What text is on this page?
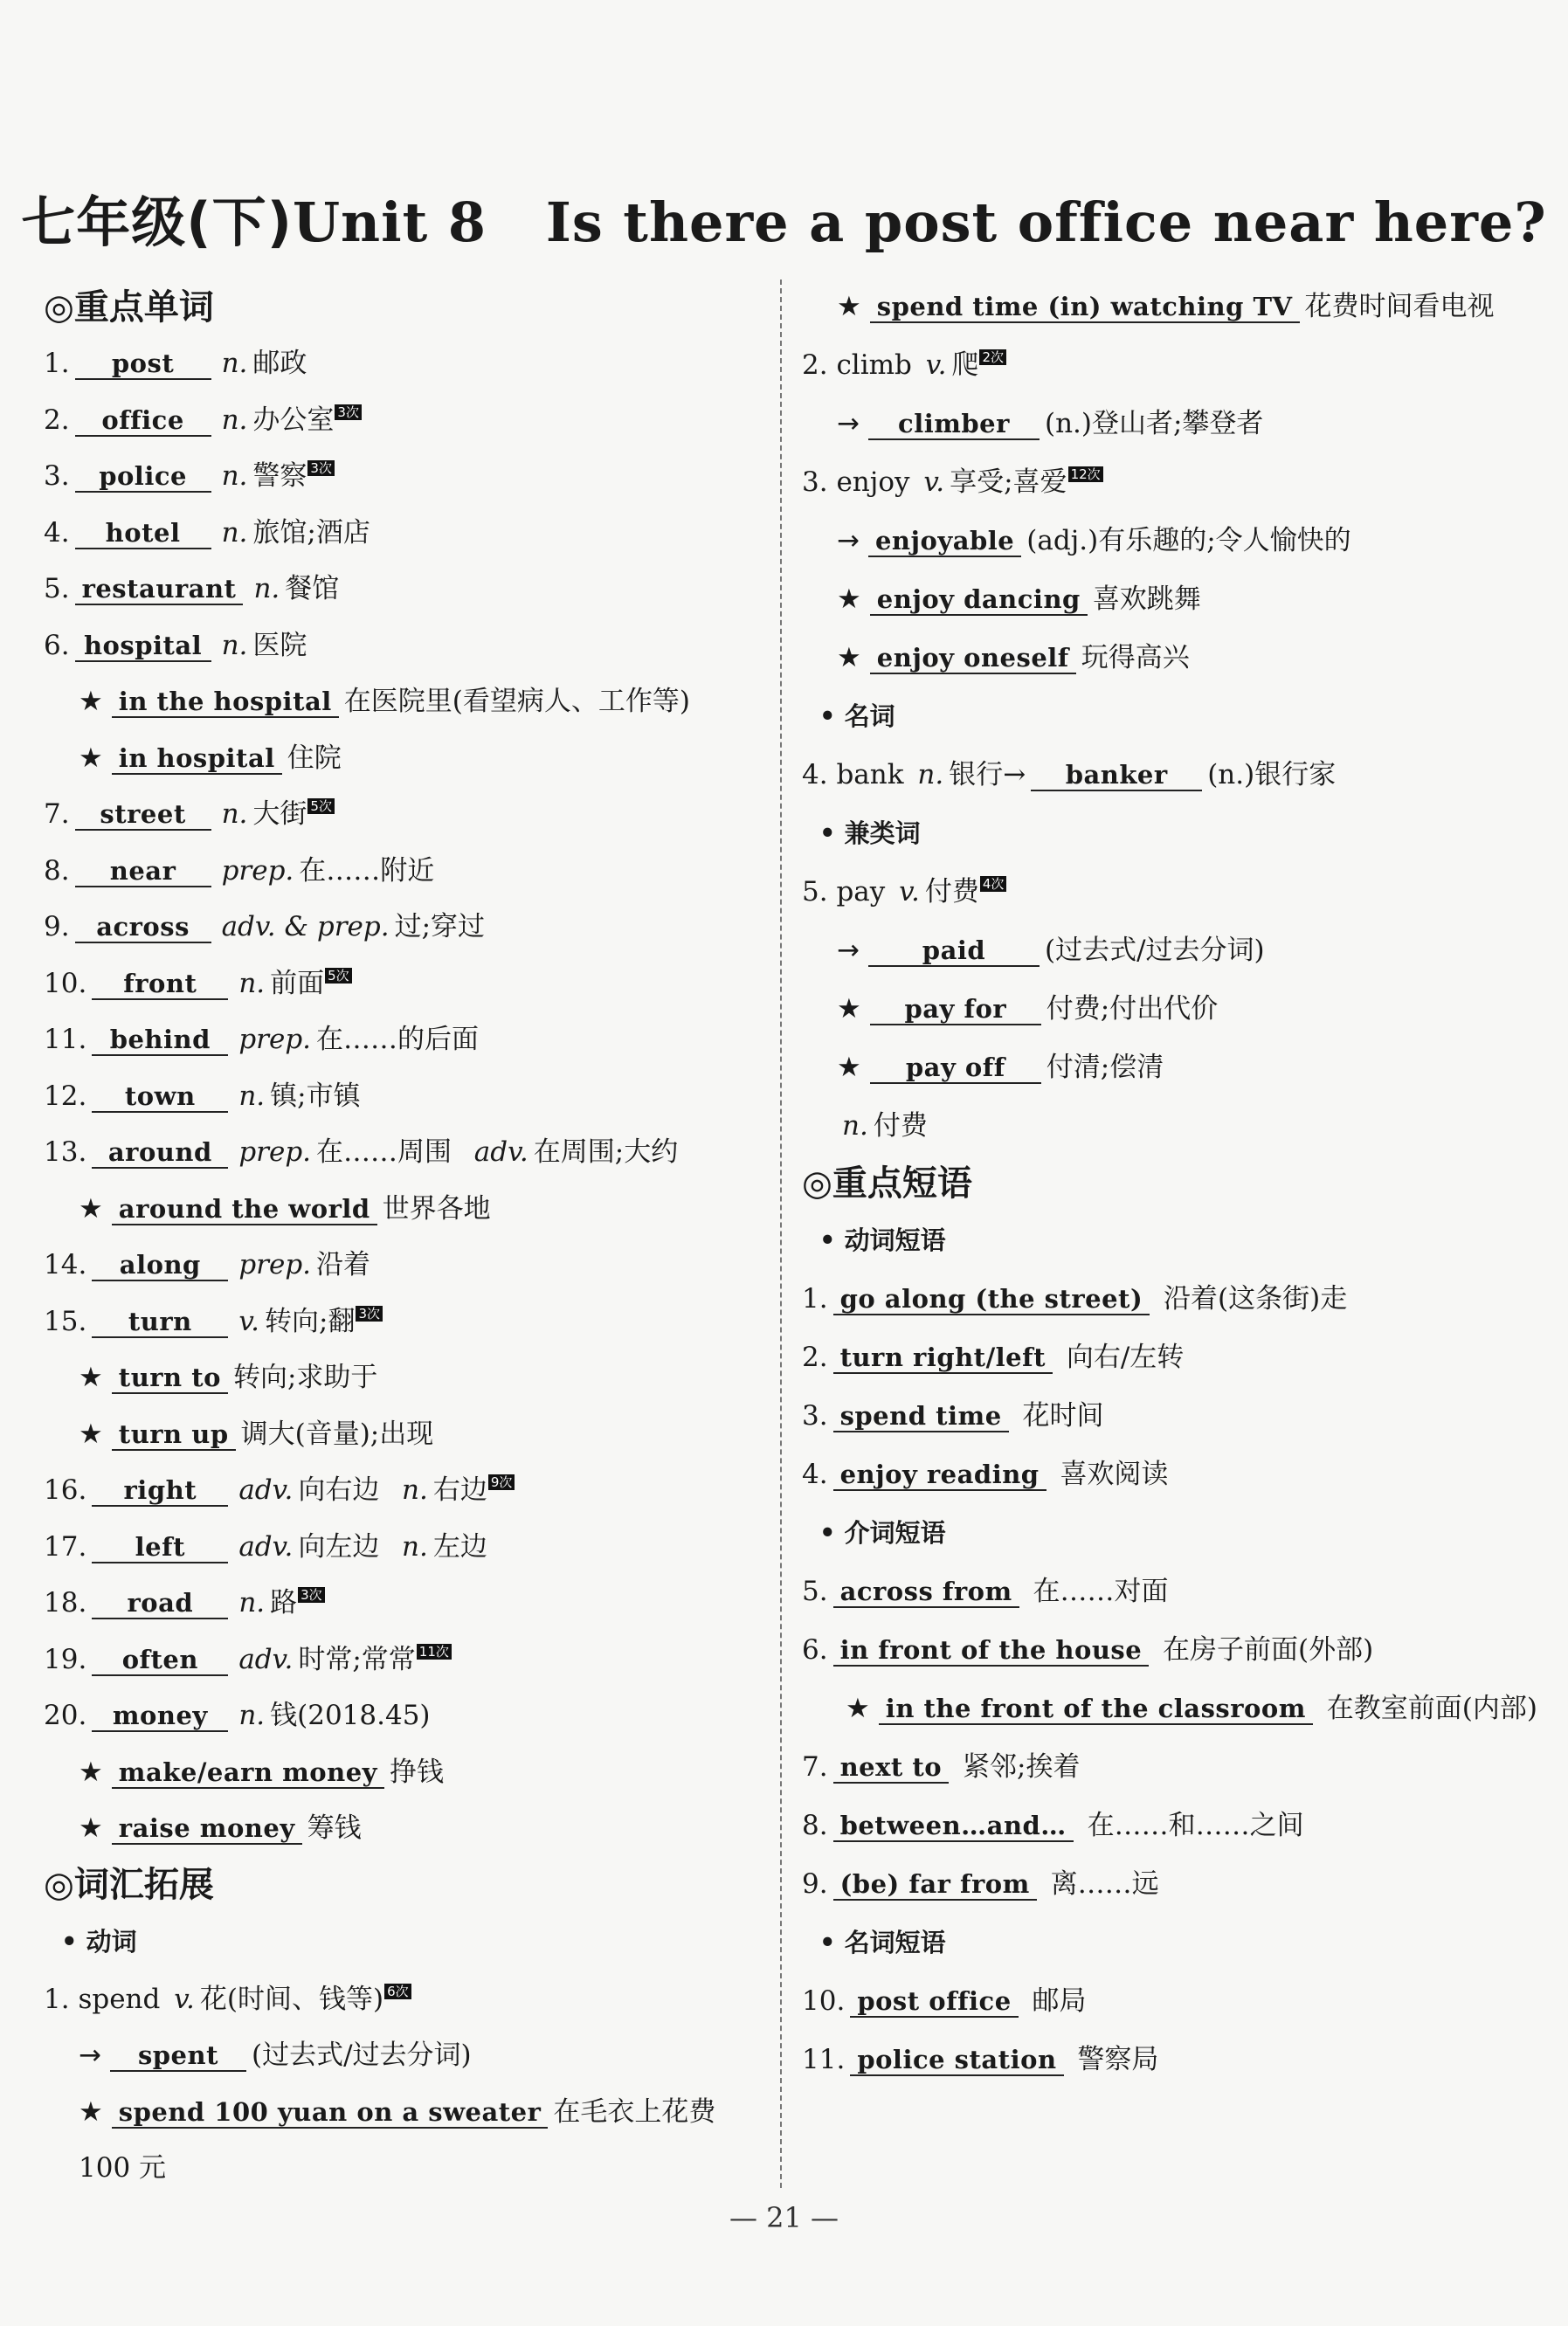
七年级(下)Unit 8 Is there a post office near here?
◎重点单词
1. post n. 邮政
2. office n. 办公室 3次
3. police n. 警察 3次
4. hotel n. 旅馆;酒店
5. restaurant n. 餐馆
6. hospital n. 医院
★ in the hospital 在医院里(看望病人、工作等)
★ in hospital 住院
7. street n. 大街 5次
8. near prep. 在……附近
9. across adv. & prep. 过;穿过
10. front n. 前面 5次
11. behind prep. 在……的后面
12. town n. 镇;市镇
13. around prep. 在……周围 adv. 在周围;大约
★ around the world 世界各地
14. along prep. 沿着
15. turn v. 转向;翻 3次
★ turn to 转向;求助于
★ turn up 调大(音量);出现
16. right adv. 向右边 n. 右边 9次
17. left adv. 向左边 n. 左边
18. road n. 路 3次
19. often adv. 时常;常常 11次
20. money n. 钱(2018.45)
★ make/earn money 挣钱
★ raise money 筹钱
◎词汇拓展
• 动词
1. spend v. 花(时间、钱等) 6次
→ spent (过去式/过去分词)
★ spend 100 yuan on a sweater 在毛衣上花费
100 元
★ spend time (in) watching TV 花费时间看电视
2. climb v. 爬 2次
→ climber (n.)登山者;攀登者
3. enjoy v. 享受;喜爱 12次
→ enjoyable (adj.)有乐趣的;令人愉快的
★ enjoy dancing 喜欢跳舞
★ enjoy oneself 玩得高兴
• 名词
4. bank n. 银行→ banker (n.)银行家
• 兼类词
5. pay v. 付费 4次
→ paid (过去式/过去分词)
★ pay for 付费;付出代价
★ pay off 付清;偿清
n. 付费
◎重点短语
• 动词短语
1. go along (the street) 沿着(这条街)走
2. turn right/left 向右/左转
3. spend time 花时间
4. enjoy reading 喜欢阅读
• 介词短语
5. across from 在……对面
6. in front of the house 在房子前面(外部)
★ in the front of the classroom 在教室前面(内部)
7. next to 紧邻;挨着
8. between…and… 在……和……之间
9. (be) far from 离……远
• 名词短语
10. post office 邮局
11. police station 警察局
— 21 —
